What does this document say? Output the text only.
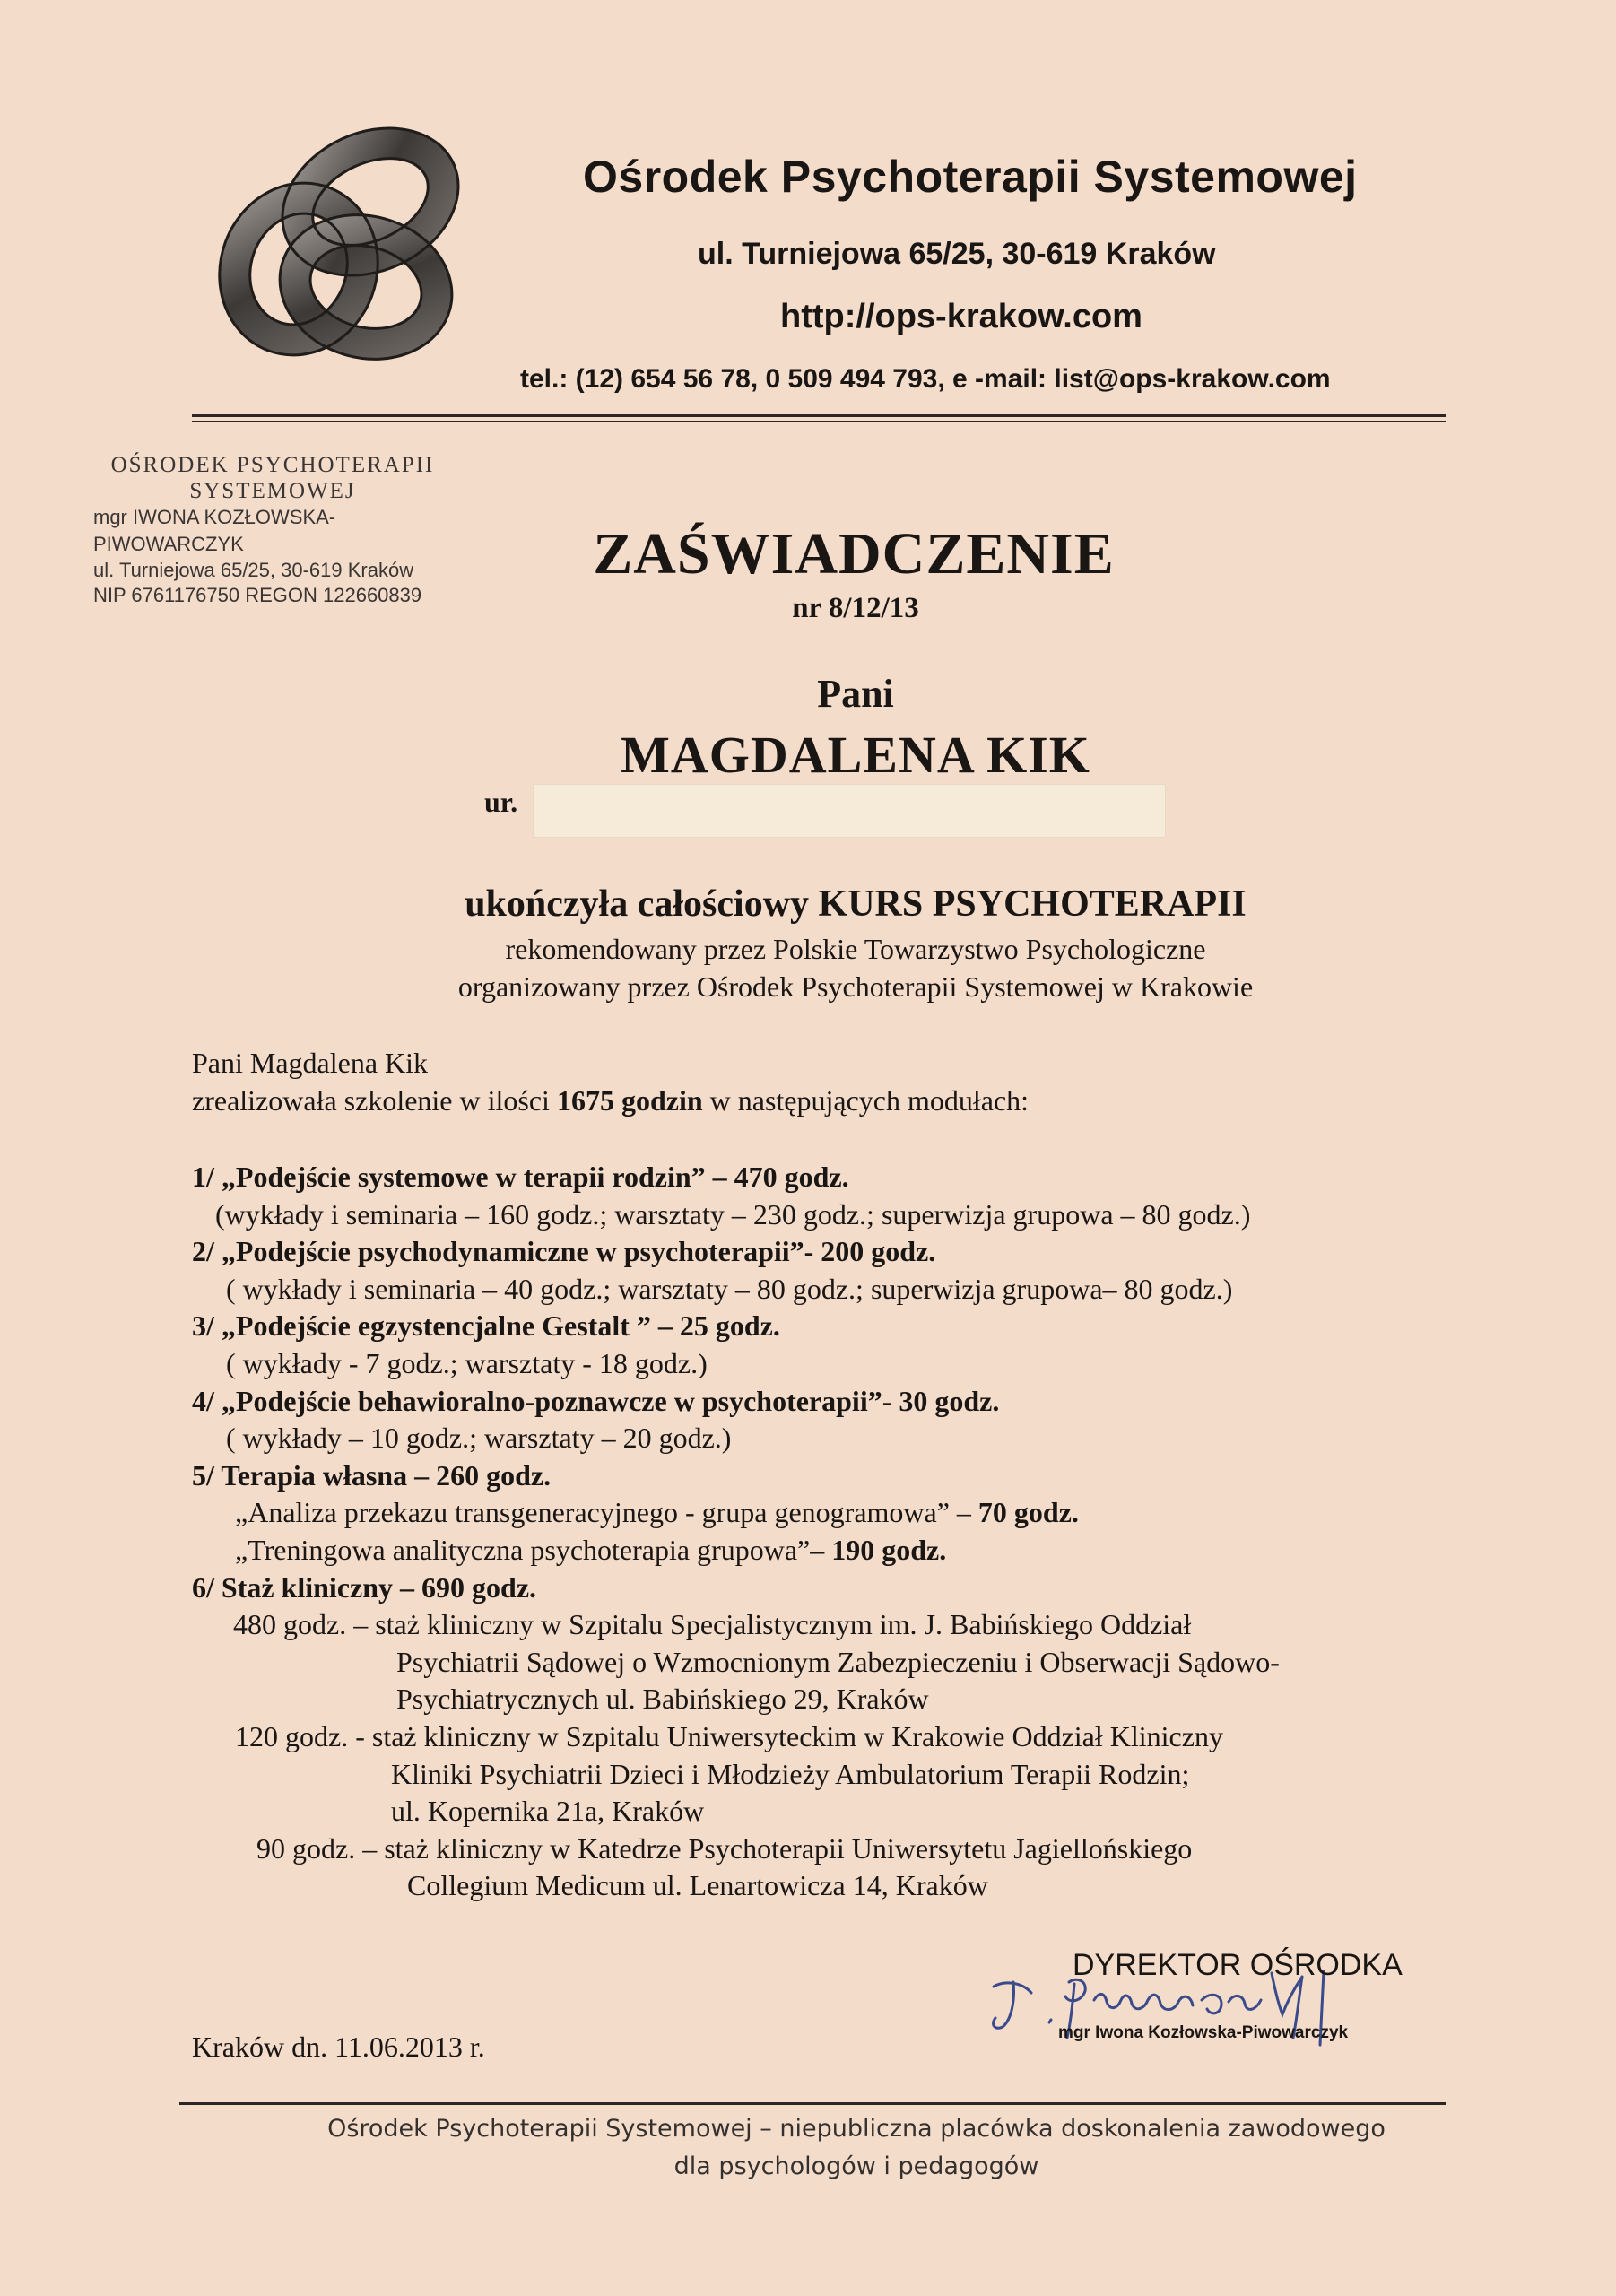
Ośrodek Psychoterapii Systemowej
ul. Turniejowa 65/25, 30-619 Kraków
http://ops-krakow.com
tel.: (12) 654 56 78, 0 509 494 793, e -mail: list@ops-krakow.com
OŚRODEK PSYCHOTERAPII
SYSTEMOWEJ
mgr IWONA KOZŁOWSKA-PIWOWARCZYK
ul. Turniejowa 65/25, 30-619 Kraków
NIP 6761176750 REGON 122660839
ZAŚWIADCZENIE
nr 8/12/13
Pani
MAGDALENA KIK
ur.
ukończyła całościowy KURS PSYCHOTERAPII
rekomendowany przez Polskie Towarzystwo Psychologiczne
organizowany przez Ośrodek Psychoterapii Systemowej w Krakowie
Pani Magdalena Kik
zrealizowała szkolenie w ilości 1675 godzin w następujących modułach:
1/ „Podejście systemowe w terapii rodzin” – 470 godz.
(wykłady i seminaria – 160 godz.; warsztaty – 230 godz.; superwizja grupowa – 80 godz.)
2/ „Podejście psychodynamiczne w psychoterapii”- 200 godz.
( wykłady i seminaria – 40 godz.; warsztaty – 80 godz.; superwizja grupowa– 80 godz.)
3/ „Podejście egzystencjalne Gestalt ” – 25 godz.
( wykłady - 7 godz.; warsztaty - 18 godz.)
4/ „Podejście behawioralno-poznawcze w psychoterapii”- 30 godz.
( wykłady – 10 godz.; warsztaty – 20 godz.)
5/ Terapia własna – 260 godz.
„Analiza przekazu transgeneracyjnego - grupa genogramowa” – 70 godz.
„Treningowa analityczna psychoterapia grupowa”– 190 godz.
6/ Staż kliniczny – 690 godz.
480 godz. – staż kliniczny w Szpitalu Specjalistycznym im. J. Babińskiego Oddział
Psychiatrii Sądowej o Wzmocnionym Zabezpieczeniu i Obserwacji Sądowo-
Psychiatrycznych ul. Babińskiego 29, Kraków
120 godz. - staż kliniczny w Szpitalu Uniwersyteckim w Krakowie Oddział Kliniczny
Kliniki Psychiatrii Dzieci i Młodzieży Ambulatorium Terapii Rodzin;
ul. Kopernika 21a, Kraków
90 godz. – staż kliniczny w Katedrze Psychoterapii Uniwersytetu Jagiellońskiego
Collegium Medicum ul. Lenartowicza 14, Kraków
DYREKTOR OŚRODKA
mgr Iwona Kozłowska-Piwowarczyk
Kraków dn. 11.06.2013 r.
Ośrodek Psychoterapii Systemowej – niepubliczna placówka doskonalenia zawodowego
dla psychologów i pedagogów
